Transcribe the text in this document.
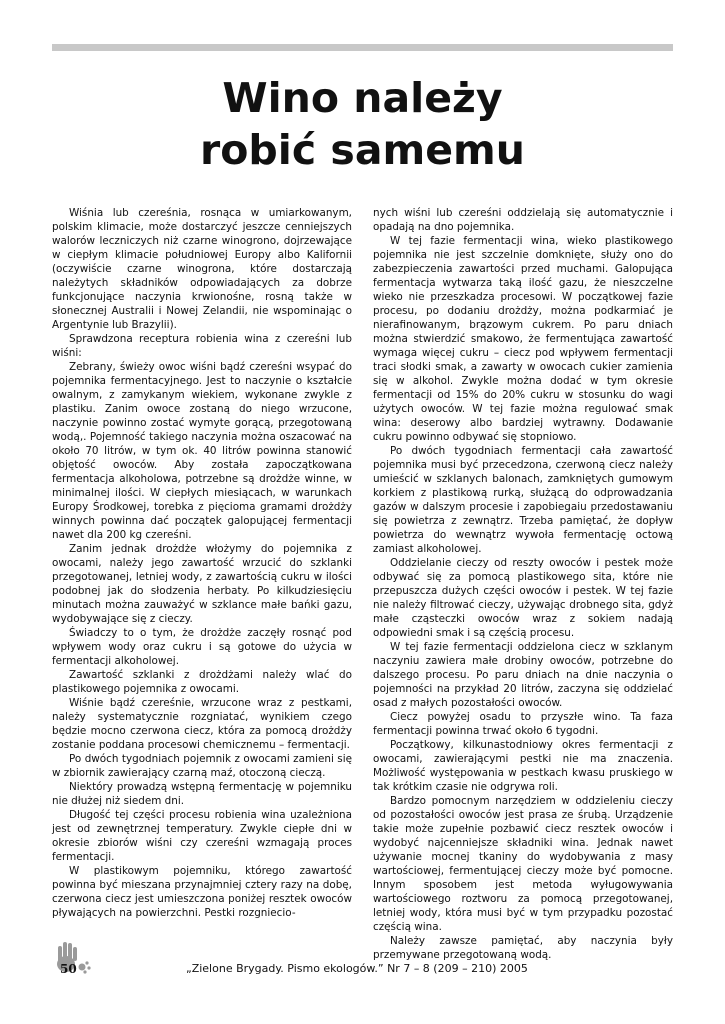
Wino należy
robić samemu

Wiśnia lub czereśnia, rosnąca w umiarkowanym, polskim klimacie, może dostarczyć jeszcze cenniejszych walorów leczniczych niż czarne winogrono, dojrzewające w ciepłym klimacie południowej Europy albo Kalifornii (oczywiście czarne winogrona, które dostarczają należytych składników odpowiadających za dobrze funkcjonujące naczynia krwionośne, rosną także w słonecznej Australii i Nowej Zelandii, nie wspominając o Argentynie lub Brazylii).

Sprawdzona receptura robienia wina z czereśni lub wiśni:

Zebrany, świeży owoc wiśni bądź czereśni wsypać do pojemnika fermentacyjnego. Jest to naczynie o kształcie owalnym, z zamykanym wiekiem, wykonane zwykle z plastiku. Zanim owoce zostaną do niego wrzucone, naczynie powinno zostać wymyte gorącą, przegotowaną wodą,. Pojemność takiego naczynia można oszacować na około 70 litrów, w tym ok. 40 litrów powinna stanowić objętość owoców. Aby została zapoczątkowana fermentacja alkoholowa, potrzebne są drożdże winne, w minimalnej ilości. W ciepłych miesiącach, w warunkach Europy Środkowej, torebka z pięcioma gramami drożdży winnych powinna dać początek galopującej fermentacji nawet dla 200 kg czereśni.

Zanim jednak drożdże włożymy do pojemnika z owocami, należy jego zawartość wrzucić do szklanki przegotowanej, letniej wody, z zawartością cukru w ilości podobnej jak do słodzenia herbaty. Po kilkudziesięciu minutach można zauważyć w szklance małe bańki gazu, wydobywające się z cieczy.

Świadczy to o tym, że drożdże zaczęły rosnąć pod wpływem wody oraz cukru i są gotowe do użycia w fermentacji alkoholowej.

Zawartość szklanki z drożdżami należy wlać do plastikowego pojemnika z owocami.

Wiśnie bądź czereśnie, wrzucone wraz z pestkami, należy systematycznie rozgniatać, wynikiem czego będzie mocno czerwona ciecz, która za pomocą drożdży zostanie poddana procesowi chemicznemu – fermentacji.

Po dwóch tygodniach pojemnik z owocami zamieni się w zbiornik zawierający czarną maź, otoczoną cieczą.

Niektóry prowadzą wstępną fermentację w pojemniku nie dłużej niż siedem dni.

Długość tej części procesu robienia wina uzależniona jest od zewnętrznej temperatury. Zwykle ciepłe dni w okresie zbiorów wiśni czy czereśni wzmagają proces fermentacji.

W plastikowym pojemniku, którego zawartość powinna być mieszana przynajmniej cztery razy na dobę, czerwona ciecz jest umieszczona poniżej resztek owoców pływających na powierzchni. Pestki rozgniecio-

nych wiśni lub czereśni oddzielają się automatycznie i opadają na dno pojemnika.

W tej fazie fermentacji wina, wieko plastikowego pojemnika nie jest szczelnie domknięte, służy ono do zabezpieczenia zawartości przed muchami. Galopująca fermentacja wytwarza taką ilość gazu, że nieszczelne wieko nie przeszkadza procesowi. W początkowej fazie procesu, po dodaniu drożdży, można podkarmiać je nierafinowanym, brązowym cukrem. Po paru dniach można stwierdzić smakowo, że fermentująca zawartość wymaga więcej cukru – ciecz pod wpływem fermentacji traci słodki smak, a zawarty w owocach cukier zamienia się w alkohol. Zwykle można dodać w tym okresie fermentacji od 15% do 20% cukru w stosunku do wagi użytych owoców. W tej fazie można regulować smak wina: deserowy albo bardziej wytrawny. Dodawanie cukru powinno odbywać się stopniowo.

Po dwóch tygodniach fermentacji cała zawartość pojemnika musi być przecedzona, czerwoną ciecz należy umieścić w szklanych balonach, zamkniętych gumowym korkiem z plastikową rurką, służącą do odprowadzania gazów w dalszym procesie i zapobiegaiu przedostawaniu się powietrza z zewnątrz. Trzeba pamiętać, że dopływ powietrza do wewnątrz wywoła fermentację octową zamiast alkoholowej.

Oddzielanie cieczy od reszty owoców i pestek może odbywać się za pomocą plastikowego sita, które nie przepuszcza dużych części owoców i pestek. W tej fazie nie należy filtrować cieczy, używając drobnego sita, gdyż małe cząsteczki owoców wraz z sokiem nadają odpowiedni smak i są częścią procesu.

W tej fazie fermentacji oddzielona ciecz w szklanym naczyniu zawiera małe drobiny owoców, potrzebne do dalszego procesu. Po paru dniach na dnie naczynia o pojemności na przykład 20 litrów, zaczyna się oddzielać osad z małych pozostałości owoców.

Ciecz powyżej osadu to przyszłe wino. Ta faza fermentacji powinna trwać około 6 tygodni.

Początkowy, kilkunastodniowy okres fermentacji z owocami, zawierającymi pestki nie ma znaczenia. Możliwość występowania w pestkach kwasu pruskiego w tak krótkim czasie nie odgrywa roli.

Bardzo pomocnym narzędziem w oddzieleniu cieczy od pozostałości owoców jest prasa ze śrubą. Urządzenie takie może zupełnie pozbawić ciecz resztek owoców i wydobyć najcenniejsze składniki wina. Jednak nawet używanie mocnej tkaniny do wydobywania z masy wartościowej, fermentującej cieczy może być pomocne. Innym sposobem jest metoda wyługowywania wartościowego roztworu za pomocą przegotowanej, letniej wody, która musi być w tym przypadku pozostać częścią wina.

Należy zawsze pamiętać, aby naczynia były przemywane przegotowaną wodą.

50	„Zielone Brygady. Pismo ekologów.” Nr 7 – 8 (209 – 210) 2005
